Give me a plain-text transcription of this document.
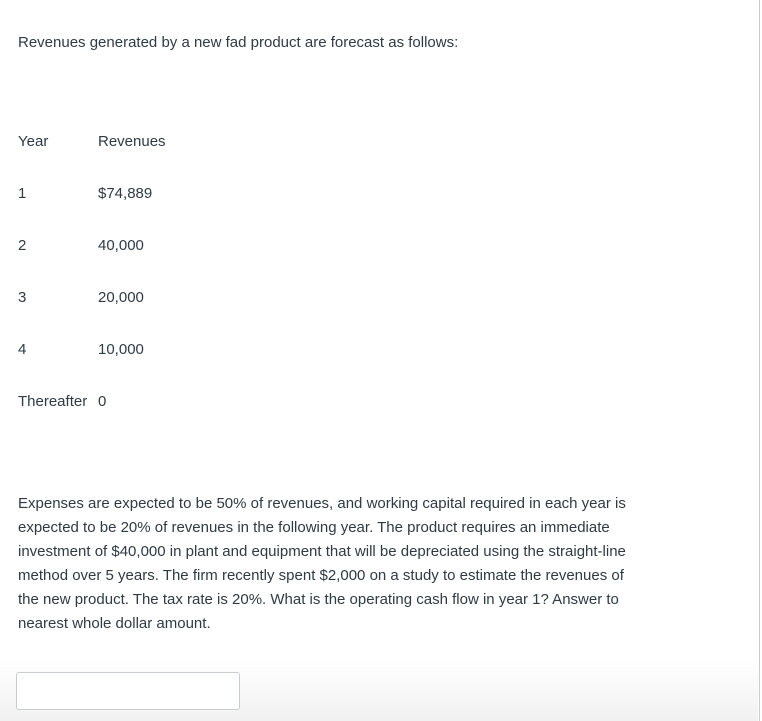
Revenues generated by a new fad product are forecast as follows:

Year	Revenues
1	$74,889
2	40,000
3	20,000
4	10,000
Thereafter	0

Expenses are expected to be 50% of revenues, and working capital required in each year is expected to be 20% of revenues in the following year. The product requires an immediate investment of $40,000 in plant and equipment that will be depreciated using the straight-line method over 5 years. The firm recently spent $2,000 on a study to estimate the revenues of the new product. The tax rate is 20%. What is the operating cash flow in year 1? Answer to nearest whole dollar amount.
